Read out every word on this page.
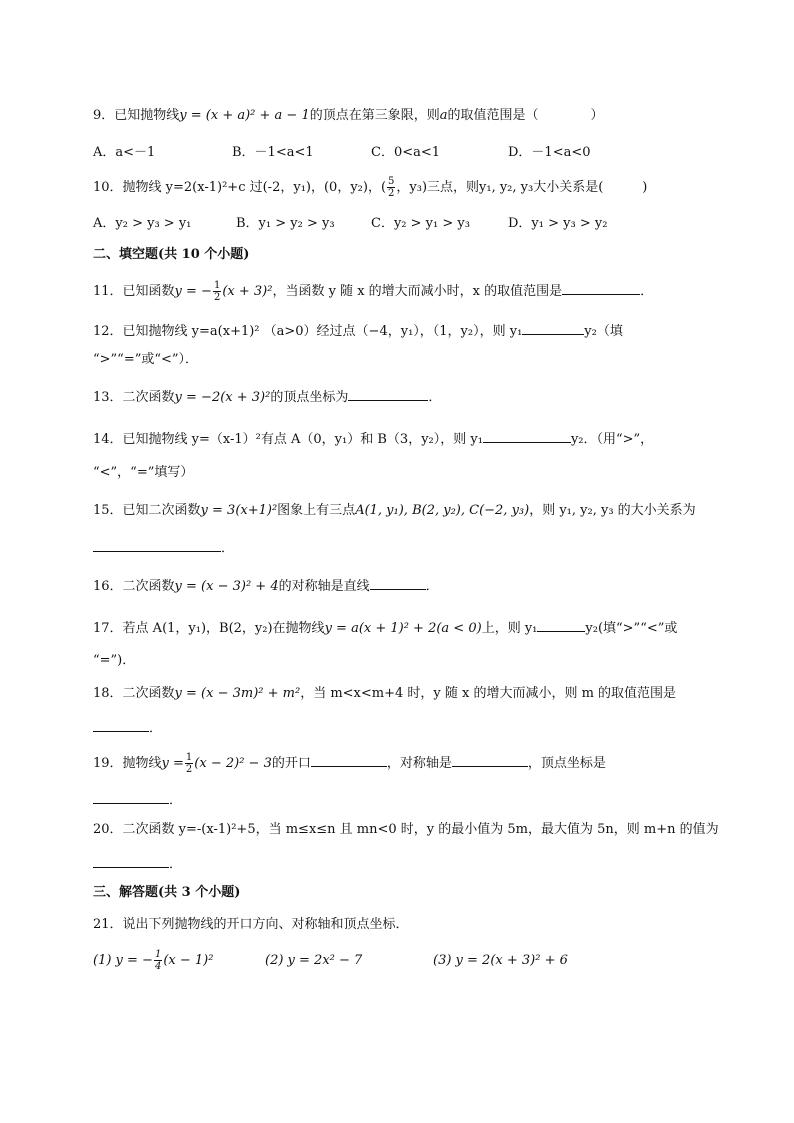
9．已知抛物线y = (x + a)² + a − 1的顶点在第三象限，则a的取值范围是（　　　　）
A．a<－1	B．－1<a<1	C．0<a<1	D．－1<a<0
10．抛物线 y=2(x-1)²+c 过(-2，y₁)，(0，y₂)，( $\frac{5}{2}$ ，y₃)三点，则y₁, y₂, y₃大小关系是(　　　)
A．y₂ > y₃ > y₁	B．y₁ > y₂ > y₃	C．y₂ > y₁ > y₃	D．y₁ > y₃ > y₂
二、填空题(共 10 个小题)
11．已知函数y = − $\frac{1}{2} (x + 3)^2$，当函数 y 随 x 的增大而减小时，x 的取值范围是	．
12．已知抛物线 y=a(x+1)² （a>0）经过点（−4，y₁），（1，y₂），则 y₁	y₂（填
“>”“=”或“<”）．
13．二次函数y = −2(x + 3)²的顶点坐标为	．
14．已知抛物线 y=（x-1）²有点 A（0，y₁）和 B（3，y₂），则 y₁	y₂．（用“>”，
“<”，“=”填写）
15．已知二次函数y = 3(x+1)²图象上有三点A(1, y₁), B(2, y₂), C(−2, y₃)，则 y₁, y₂, y₃ 的大小关系为
．
16．二次函数y = (x − 3)² + 4的对称轴是直线	．
17．若点 A(1，y₁)，B(2，y₂)在抛物线y = a(x + 1)² + 2(a < 0)上，则 y₁	y₂(填“>”“<”或
“=”)．
18．二次函数y = (x − 3m)² + m²，当 m<x<m+4 时，y 随 x 的增大而减小，则 m 的取值范围是
．
19．抛物线$y = \frac{1}{2} (x - 2)^2 - 3$的开口	，对称轴是	，顶点坐标是
．
20．二次函数 y=-(x-1)²+5，当 m≤x≤n 且 mn<0 时，y 的最小值为 5m，最大值为 5n，则 m+n 的值为
．
三、解答题(共 3 个小题)
21．说出下列抛物线的开口方向、对称轴和顶点坐标．
(1) y = − $\frac{1}{4} (x - 1)^2$	(2) y = 2x² − 7	(3) y = 2(x + 3)² + 6
